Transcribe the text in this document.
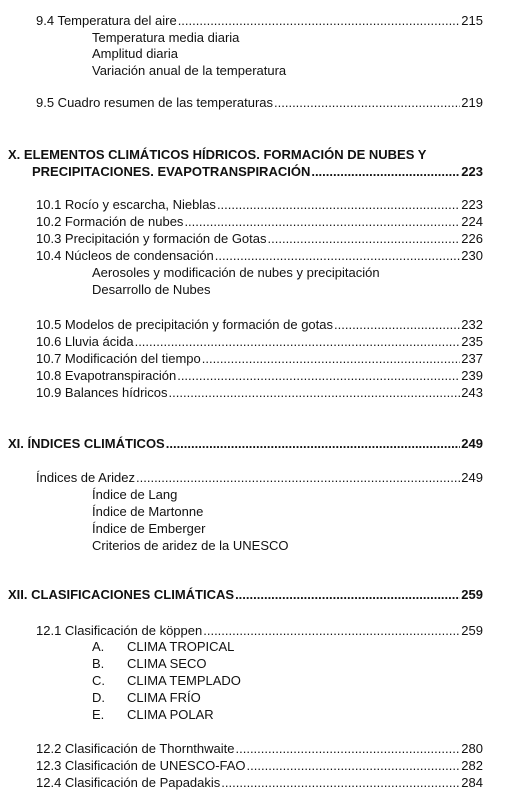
9.4 Temperatura del aire .....	215
Temperatura media diaria
Amplitud diaria
Variación anual de la temperatura
9.5 Cuadro resumen de las temperaturas .....	219
X. ELEMENTOS CLIMÁTICOS HÍDRICOS. FORMACIÓN DE NUBES Y
PRECIPITACIONES. EVAPOTRANSPIRACIÓN .....	223
10.1 Rocío y escarcha, Nieblas .....	223
10.2 Formación de nubes .....	224
10.3 Precipitación y formación de Gotas .....	226
10.4 Núcleos de condensación .....	230
Aerosoles y modificación de nubes y precipitación
Desarrollo de Nubes
10.5 Modelos de precipitación y formación de gotas .....	232
10.6 Lluvia ácida .....	235
10.7 Modificación del tiempo .....	237
10.8 Evapotranspiración .....	239
10.9 Balances hídricos .....	243
XI. ÍNDICES CLIMÁTICOS .....	249
Índices de Aridez .....	249
Índice de Lang
Índice de Martonne
Índice de Emberger
Criterios de aridez de la UNESCO
XII. CLASIFICACIONES CLIMÁTICAS .....	259
12.1 Clasificación de köppen .....	259
A. CLIMA TROPICAL
B. CLIMA SECO
C. CLIMA TEMPLADO
D. CLIMA FRÍO
E. CLIMA POLAR
12.2 Clasificación de Thornthwaite .....	280
12.3 Clasificación de UNESCO-FAO .....	282
12.4 Clasificación de Papadakis .....	284
